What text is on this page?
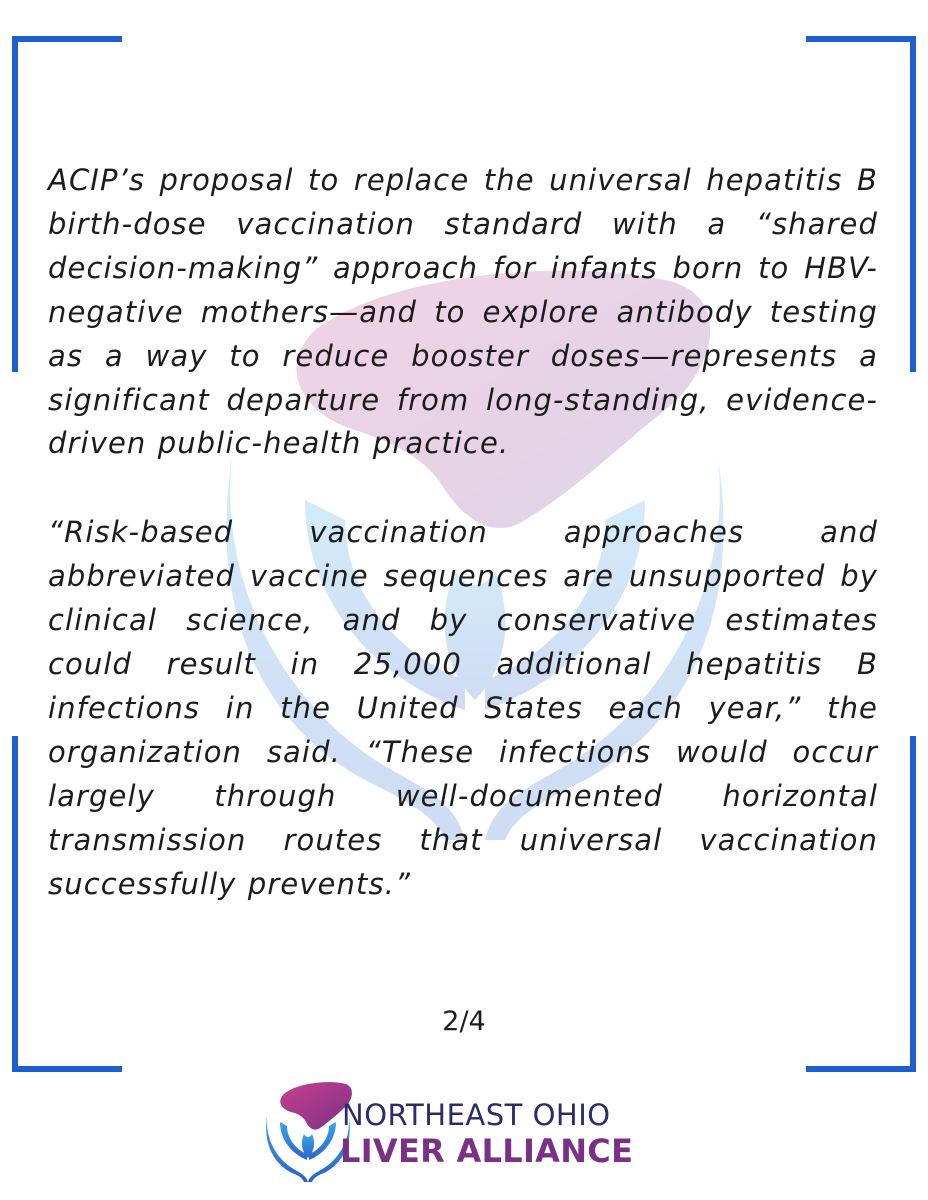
ACIP’s proposal to replace the universal hepatitis B birth-dose vaccination standard with a “shared decision-making” approach for infants born to HBV-negative mothers—and to explore antibody testing as a way to reduce booster doses—represents a significant departure from long-standing, evidence-driven public-health practice.

“Risk-based vaccination approaches and abbreviated vaccine sequences are unsupported by clinical science, and by conservative estimates could result in 25,000 additional hepatitis B infections in the United States each year,” the organization said. “These infections would occur largely through well-documented horizontal transmission routes that universal vaccination successfully prevents.”

2/4
NORTHEAST OHIO
LIVER ALLIANCE
